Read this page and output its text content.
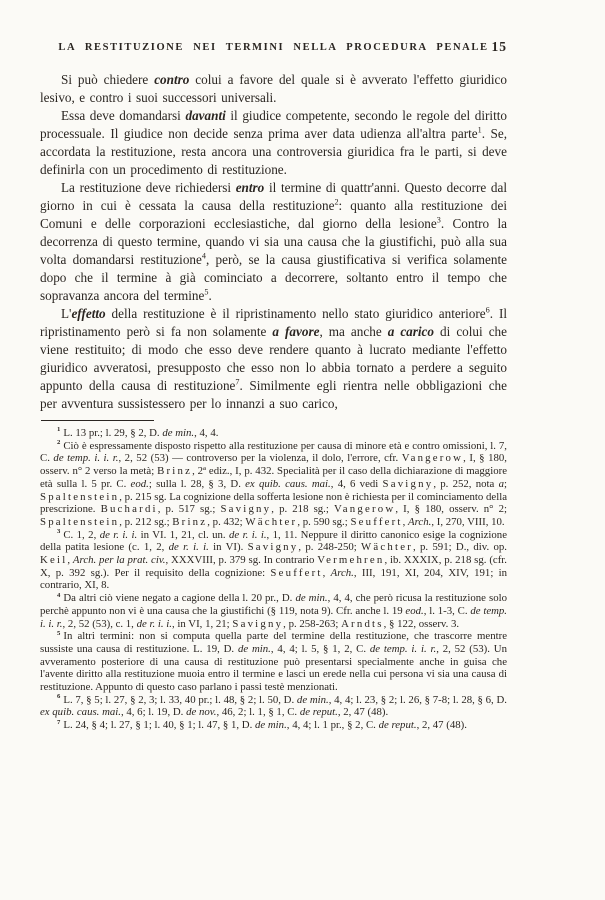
LA RESTITUZIONE NEI TERMINI NELLA PROCEDURA PENALE 15

Si può chiedere contro colui a favore del quale si è avverato l'effetto giuridico lesivo, e contro i suoi successori universali.

Essa deve domandarsi davanti il giudice competente, secondo le regole del diritto processuale. Il giudice non decide senza prima aver data udienza all'altra parte$^1$. Se, accordata la restituzione, resta ancora una controversia giuridica fra le parti, si deve definirla con un procedimento di restituzione.

La restituzione deve richiedersi entro il termine di quattr'anni. Questo decorre dal giorno in cui è cessata la causa della restituzione$^2$: quanto alla restituzione dei Comuni e delle corporazioni ecclesiastiche, dal giorno della lesione$^3$. Contro la decorrenza di questo termine, quando vi sia una causa che la giustifichi, può alla sua volta domandarsi restituzione$^4$, però, se la causa giustificativa si verifica solamente dopo che il termine à già cominciato a decorrere, soltanto entro il tempo che sopravanza ancora del termine$^5$.

L'effetto della restituzione è il ripristinamento nello stato giuridico anteriore$^6$. Il ripristinamento però si fa non solamente a favore, ma anche a carico di colui che viene restituito; di modo che esso deve rendere quanto à lucrato mediante l'effetto giuridico avveratosi, presupposto che esso non lo abbia tornato a perdere a seguito appunto della causa di restituzione$^7$. Similmente egli rientra nelle obbligazioni che per avventura sussistessero per lo innanzi a suo carico,

$^1$ L. 13 pr.; l. 29, § 2, D. de min., 4, 4.

$^2$ Ciò è espressamente disposto rispetto alla restituzione per causa di minore età e contro omissioni, l. 7, C. de temp. i. i. r., 2, 52 (53) — controverso per la violenza, il dolo, l'errore, cfr. Vangerow, I, § 180, osserv. n° 2 verso la metà; Brinz, 2ª ediz., I, p. 432. Specialità per il caso della dichiarazione di maggiore età sulla l. 5 pr. C. eod.; sulla l. 28, § 3, D. ex quib. caus. mai., 4, 6 vedi Savigny, p. 252, nota a; Spaltenstein, p. 215 sg. La cognizione della sofferta lesione non è richiesta per il cominciamento della prescrizione. Buchardi, p. 517 sg.; Savigny, p. 218 sg.; Vangerow, I, § 180, osserv. n° 2; Spaltenstein, p. 212 sg.; Brinz, p. 432; Wächter, p. 590 sg.; Seuffert, Arch., I, 270, VIII, 10.

$^3$ C. 1, 2, de r. i. i. in VI. 1, 21, cl. un. de r. i. i., 1, 11. Neppure il diritto canonico esige la cognizione della patita lesione (c. 1, 2, de r. i. i. in VI). Savigny, p. 248-250; Wächter, p. 591; D., div. op. Keil, Arch. per la prat. civ., XXXVIII, p. 379 sg. In contrario Vermehren, ib. XXXIX, p. 218 sg. (cfr. X, p. 392 sg.). Per il requisito della cognizione: Seuffert, Arch., III, 191, XI, 204, XIV, 191; in contrario, XI, 8.

$^4$ Da altri ciò viene negato a cagione della l. 20 pr., D. de min., 4, 4, che però ricusa la restituzione solo perchè appunto non vi è una causa che la giustifichi (§ 119, nota 9). Cfr. anche l. 19 eod., l. 1-3, C. de temp. i. i. r., 2, 52 (53), c. 1, de r. i. i., in VI, 1, 21; Savigny, p. 258-263; Arndts, § 122, osserv. 3.

$^5$ In altri termini: non si computa quella parte del termine della restituzione, che trascorre mentre sussiste una causa di restituzione. L. 19, D. de min., 4, 4; l. 5, § 1, 2, C. de temp. i. i. r., 2, 52 (53). Un avveramento posteriore di una causa di restituzione può presentarsi specialmente anche in guisa che l'avente diritto alla restituzione muoia entro il termine e lasci un erede nella cui persona vi sia una causa di restituzione. Appunto di questo caso parlano i passi testè menzionati.

$^6$ L. 7, § 5; l. 27, § 2, 3; l. 33, 40 pr.; l. 48, § 2; l. 50, D. de min., 4, 4; l. 23, § 2; l. 26, § 7-8; l. 28, § 6, D. ex quib. caus. mai., 4, 6; l. 19, D. de nov., 46, 2; l. 1, § 1, C. de reput., 2, 47 (48).

$^7$ L. 24, § 4; l. 27, § 1; l. 40, § 1; l. 47, § 1, D. de min., 4, 4; l. 1 pr., § 2, C. de reput., 2, 47 (48).
